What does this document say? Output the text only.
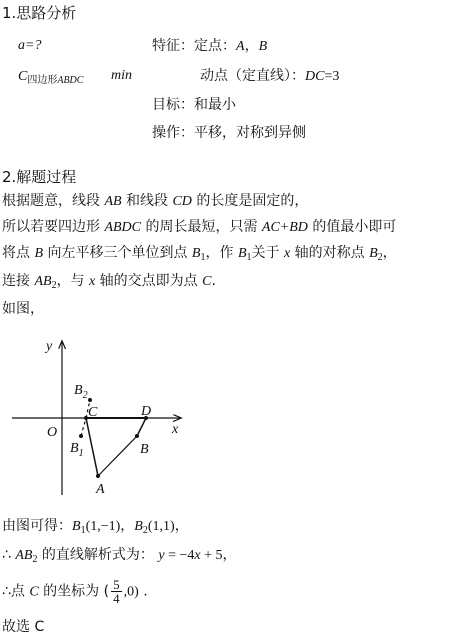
1.思路分析
a=?
$C_{四边形ABDC}$ min
特征：定点：A，B
动点（定直线）：DC=3
目标：和最小
操作：平移，对称到异侧
2.解题过程
根据题意，线段 AB 和线段 CD 的长度是固定的，
所以若要四边形 ABDC 的周长最短，只需 AC+BD 的值最小即可
将点 B 向左平移三个单位到点 $B_1$，作 $B_1$关于 x 轴的对称点 $B_2$，
连接 $AB_2$，与 x 轴的交点即为点 C.
如图，
y
x
O
$B_2$
C	D
$B_1$	B
A
由图可得：$B_1(1,-1)$，$B_2(1,1)$，
∴ $AB_2$ 的直线解析式为： y = −4x + 5，
∴点 C 的坐标为 ( $\frac{5}{4} ,0$) .
故选 C
